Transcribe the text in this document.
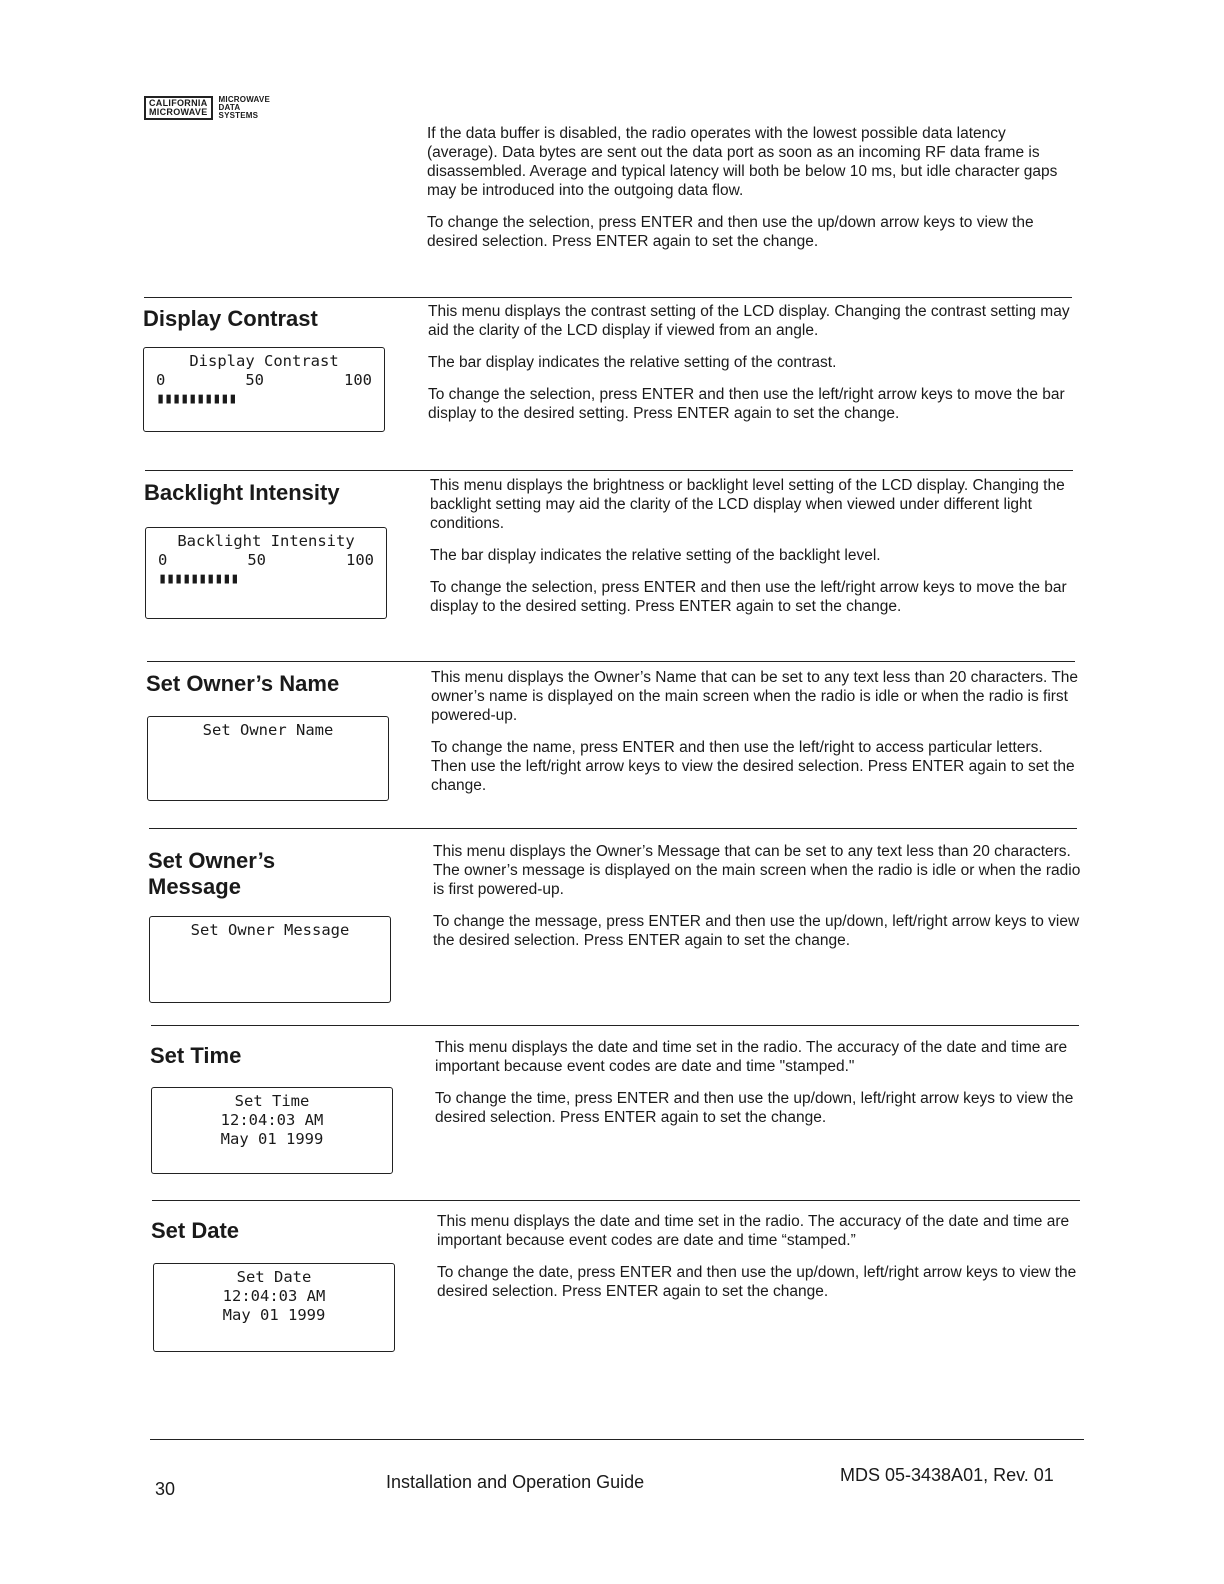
CALIFORNIA
MICROWAVE
MICROWAVE
DATA
SYSTEMS

If the data buffer is disabled, the radio operates with the lowest possible data latency (average). Data bytes are sent out the data port as soon as an incoming RF data frame is disassembled. Average and typical latency will both be below 10 ms, but idle character gaps may be introduced into the outgoing data flow.

To change the selection, press ENTER and then use the up/down arrow keys to view the desired selection. Press ENTER again to set the change.

Display Contrast
Display Contrast
0	50	100
▮▮▮▮▮▮▮▮▮▮

This menu displays the contrast setting of the LCD display. Changing the contrast setting may aid the clarity of the LCD display if viewed from an angle.

The bar display indicates the relative setting of the contrast.

To change the selection, press ENTER and then use the left/right arrow keys to move the bar display to the desired setting. Press ENTER again to set the change.

Backlight Intensity
Backlight Intensity
0	50	100
▮▮▮▮▮▮▮▮▮▮

This menu displays the brightness or backlight level setting of the LCD display. Changing the backlight setting may aid the clarity of the LCD display when viewed under different light conditions.

The bar display indicates the relative setting of the backlight level.

To change the selection, press ENTER and then use the left/right arrow keys to move the bar display to the desired setting. Press ENTER again to set the change.

Set Owner’s Name
Set Owner Name

This menu displays the Owner’s Name that can be set to any text less than 20 characters. The owner’s name is displayed on the main screen when the radio is idle or when the radio is first powered-up.

To change the name, press ENTER and then use the left/right to access particular letters. Then use the left/right arrow keys to view the desired selection. Press ENTER again to set the change.

Set Owner’s Message
Set Owner Message

This menu displays the Owner’s Message that can be set to any text less than 20 characters. The owner’s message is displayed on the main screen when the radio is idle or when the radio is first powered-up.

To change the message, press ENTER and then use the up/down, left/right arrow keys to view the desired selection. Press ENTER again to set the change.

Set Time
Set Time
12:04:03 AM
May 01 1999

This menu displays the date and time set in the radio. The accuracy of the date and time are important because event codes are date and time "stamped."

To change the time, press ENTER and then use the up/down, left/right arrow keys to view the desired selection. Press ENTER again to set the change.

Set Date
Set Date
12:04:03 AM
May 01 1999

This menu displays the date and time set in the radio. The accuracy of the date and time are important because event codes are date and time “stamped.”

To change the date, press ENTER and then use the up/down, left/right arrow keys to view the desired selection. Press ENTER again to set the change.

30	Installation and Operation Guide	MDS 05-3438A01, Rev. 01
